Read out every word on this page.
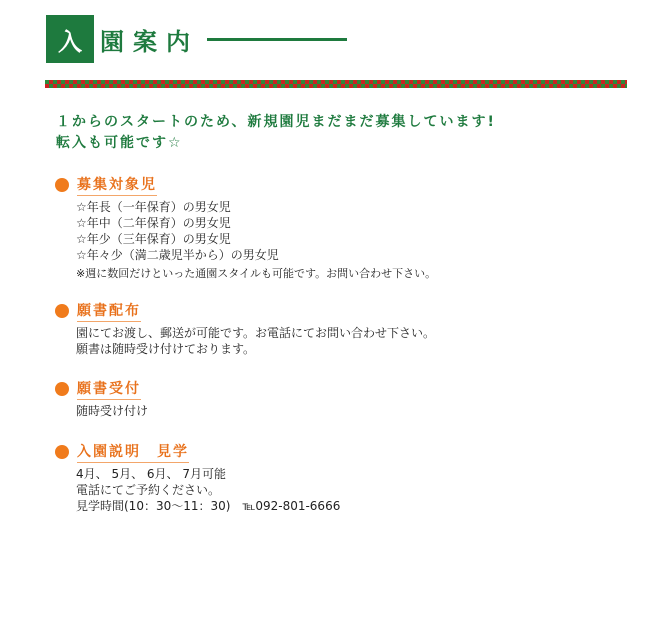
入 園案内
１からのスタートのため、新規園児まだまだ募集しています!
転入も可能です☆
募集対象児
☆年長（一年保育）の男女児
☆年中（二年保育）の男女児
☆年少（三年保育）の男女児
☆年々少（満二歳児半から）の男女児
※週に数回だけといった通園スタイルも可能です。お問い合わせ下さい。
願書配布
園にてお渡し、郵送が可能です。お電話にてお問い合わせ下さい。
願書は随時受け付けております。
願書受付
随時受け付け
入園説明　見学
4月、 5月、 6月、 7月可能
電話にてご予約ください。
見学時間(10：30～11：30)　℡092-801-6666
